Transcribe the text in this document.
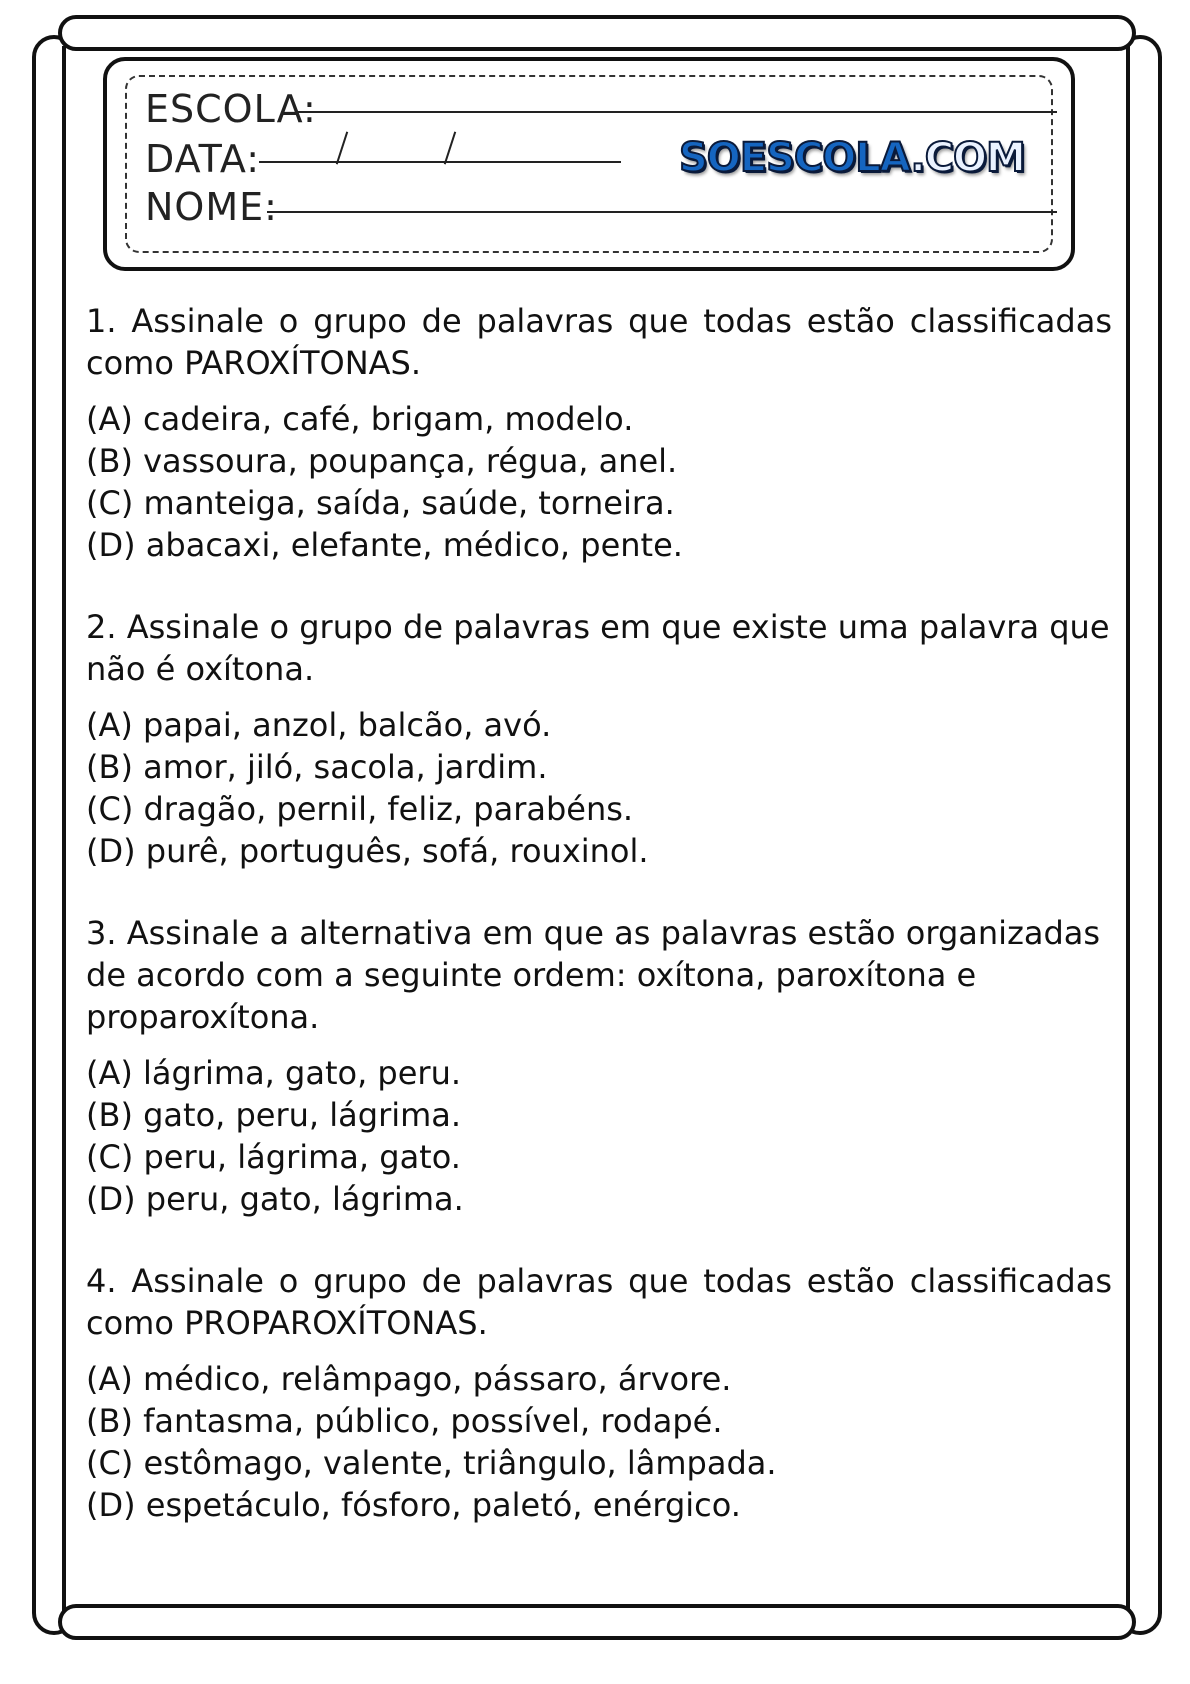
ESCOLA:
DATA:	SOESCOLA.COM
NOME:

1. Assinale o grupo de palavras que todas estão classificadas como PAROXÍTONAS.

(A) cadeira, café, brigam, modelo.
(B) vassoura, poupança, régua, anel.
(C) manteiga, saída, saúde, torneira.
(D) abacaxi, elefante, médico, pente.

2. Assinale o grupo de palavras em que existe uma palavra que não é oxítona.

(A) papai, anzol, balcão, avó.
(B) amor, jiló, sacola, jardim.
(C) dragão, pernil, feliz, parabéns.
(D) purê, português, sofá, rouxinol.

3. Assinale a alternativa em que as palavras estão organizadas de acordo com a seguinte ordem: oxítona, paroxítona e proparoxítona.

(A) lágrima, gato, peru.
(B) gato, peru, lágrima.
(C) peru, lágrima, gato.
(D) peru, gato, lágrima.

4. Assinale o grupo de palavras que todas estão classificadas como PROPAROXÍTONAS.

(A) médico, relâmpago, pássaro, árvore.
(B) fantasma, público, possível, rodapé.
(C) estômago, valente, triângulo, lâmpada.
(D) espetáculo, fósforo, paletó, enérgico.
